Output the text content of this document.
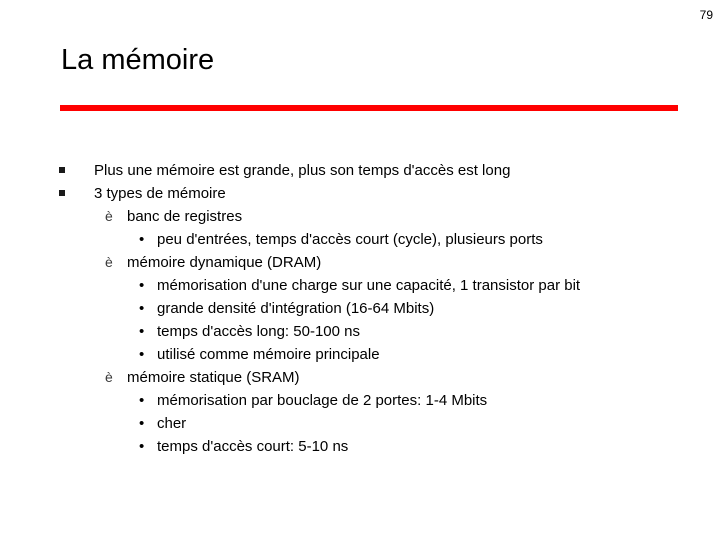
79
La mémoire
Plus une mémoire est grande, plus son temps d'accès est long
3 types de mémoire
è banc de registres
• peu d'entrées, temps d'accès court (cycle), plusieurs ports
è mémoire dynamique (DRAM)
• mémorisation d'une charge sur une capacité, 1 transistor par bit
• grande densité d'intégration (16-64 Mbits)
• temps d'accès long: 50-100 ns
• utilisé comme mémoire principale
è mémoire statique (SRAM)
• mémorisation par bouclage de 2 portes: 1-4 Mbits
• cher
• temps d'accès court: 5-10 ns
